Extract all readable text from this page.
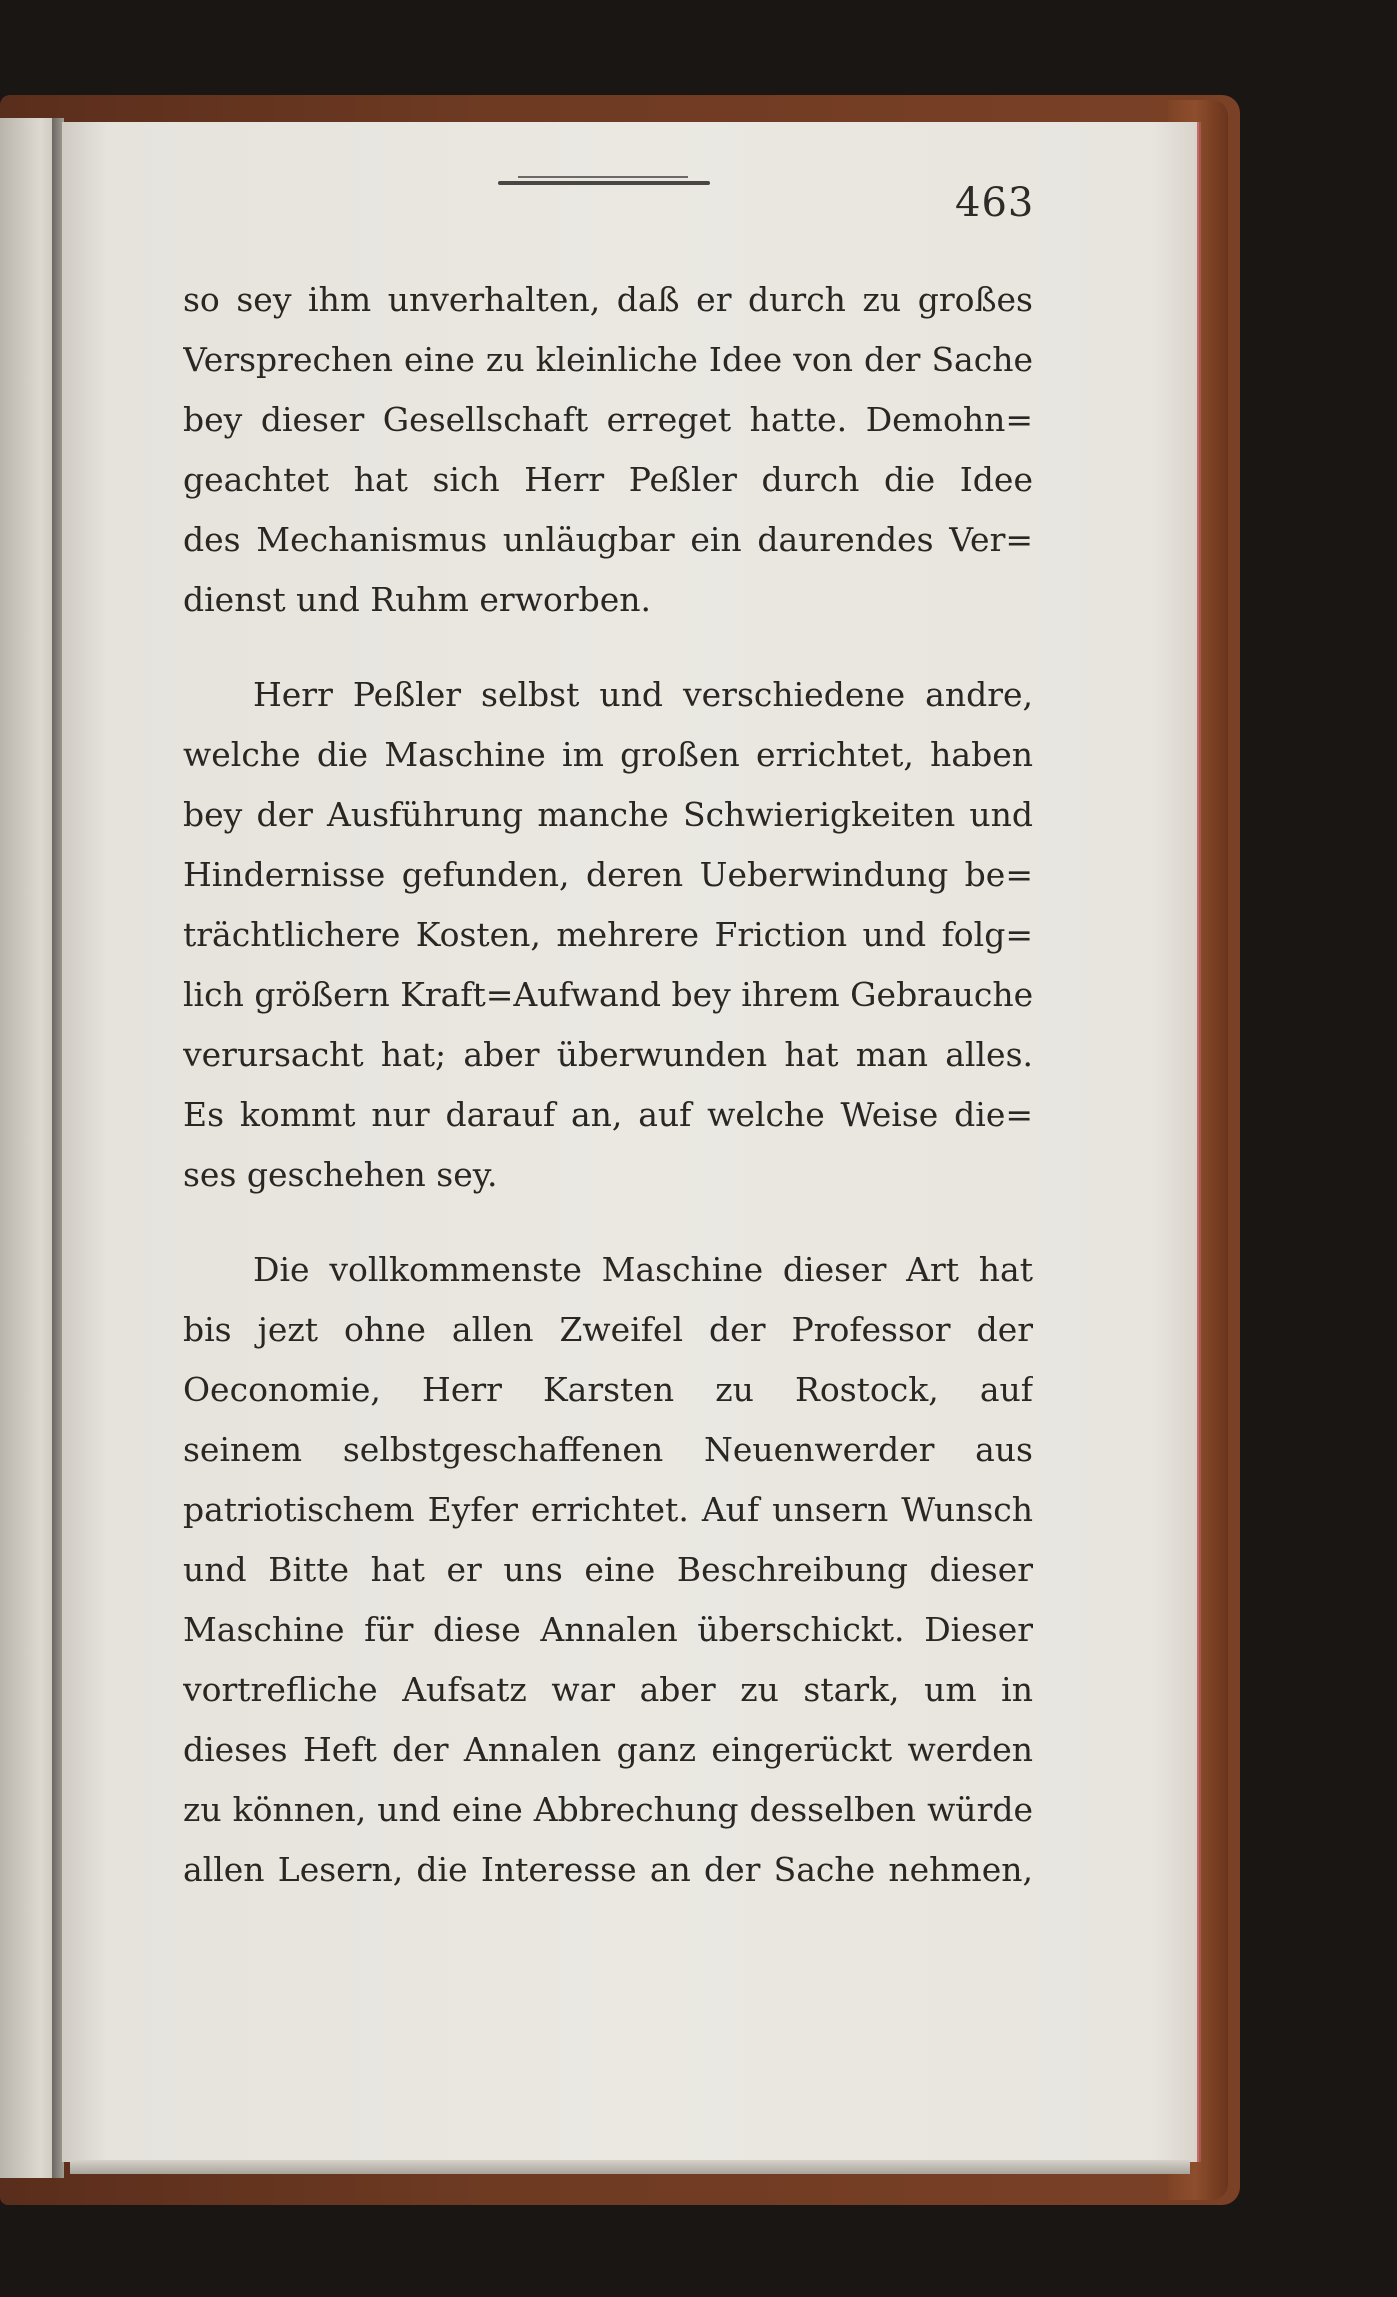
463
so sey ihm unverhalten, daß er durch zu großes
Versprechen eine zu kleinliche Idee von der Sache
bey dieser Gesellschaft erreget hatte. Demohn=
geachtet hat sich Herr Peßler durch die Idee
des Mechanismus unläugbar ein daurendes Ver=
dienst und Ruhm erworben.
Herr Peßler selbst und verschiedene andre,
welche die Maschine im großen errichtet, haben
bey der Ausführung manche Schwierigkeiten und
Hindernisse gefunden, deren Ueberwindung be=
trächtlichere Kosten, mehrere Friction und folg=
lich größern Kraft=Aufwand bey ihrem Gebrauche
verursacht hat; aber überwunden hat man alles.
Es kommt nur darauf an, auf welche Weise die=
ses geschehen sey.
Die vollkommenste Maschine dieser Art hat
bis jezt ohne allen Zweifel der Professor der
Oeconomie, Herr Karsten zu Rostock, auf
seinem selbstgeschaffenen Neuenwerder aus
patriotischem Eyfer errichtet. Auf unsern Wunsch
und Bitte hat er uns eine Beschreibung dieser
Maschine für diese Annalen überschickt. Dieser
vortrefliche Aufsatz war aber zu stark, um in
dieses Heft der Annalen ganz eingerückt werden
zu können, und eine Abbrechung desselben würde
allen Lesern, die Interesse an der Sache nehmen,
